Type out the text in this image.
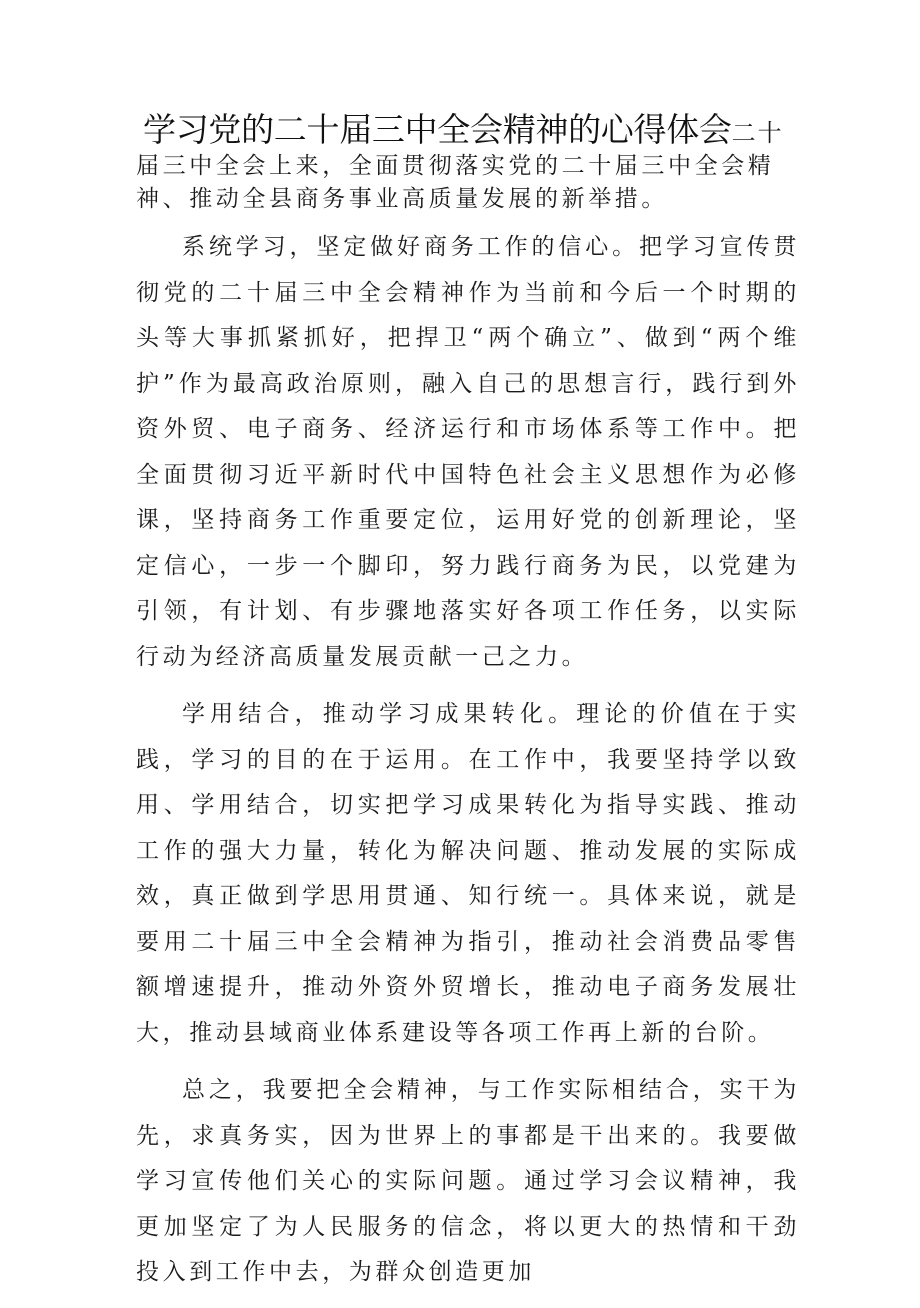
学习党的二十届三中全会精神的心得体会二十

届三中全会上来，全面贯彻落实党的二十届三中全会精神、推动全县商务事业高质量发展的新举措。

系统学习，坚定做好商务工作的信心。把学习宣传贯彻党的二十届三中全会精神作为当前和今后一个时期的头等大事抓紧抓好，把捍卫“两个确立”、做到“两个维护”作为最高政治原则，融入自己的思想言行，践行到外资外贸、电子商务、经济运行和市场体系等工作中。把全面贯彻习近平新时代中国特色社会主义思想作为必修课，坚持商务工作重要定位，运用好党的创新理论，坚定信心，一步一个脚印，努力践行商务为民，以党建为引领，有计划、有步骤地落实好各项工作任务，以实际行动为经济高质量发展贡献一己之力。

学用结合，推动学习成果转化。理论的价值在于实践，学习的目的在于运用。在工作中，我要坚持学以致用、学用结合，切实把学习成果转化为指导实践、推动工作的强大力量，转化为解决问题、推动发展的实际成效，真正做到学思用贯通、知行统一。具体来说，就是要用二十届三中全会精神为指引，推动社会消费品零售额增速提升，推动外资外贸增长，推动电子商务发展壮大，推动县域商业体系建设等各项工作再上新的台阶。

总之，我要把全会精神，与工作实际相结合，实干为先，求真务实，因为世界上的事都是干出来的。我要做学习宣传他们关心的实际问题。通过学习会议精神，我更加坚定了为人民服务的信念，将以更大的热情和干劲投入到工作中去，为群众创造更加
